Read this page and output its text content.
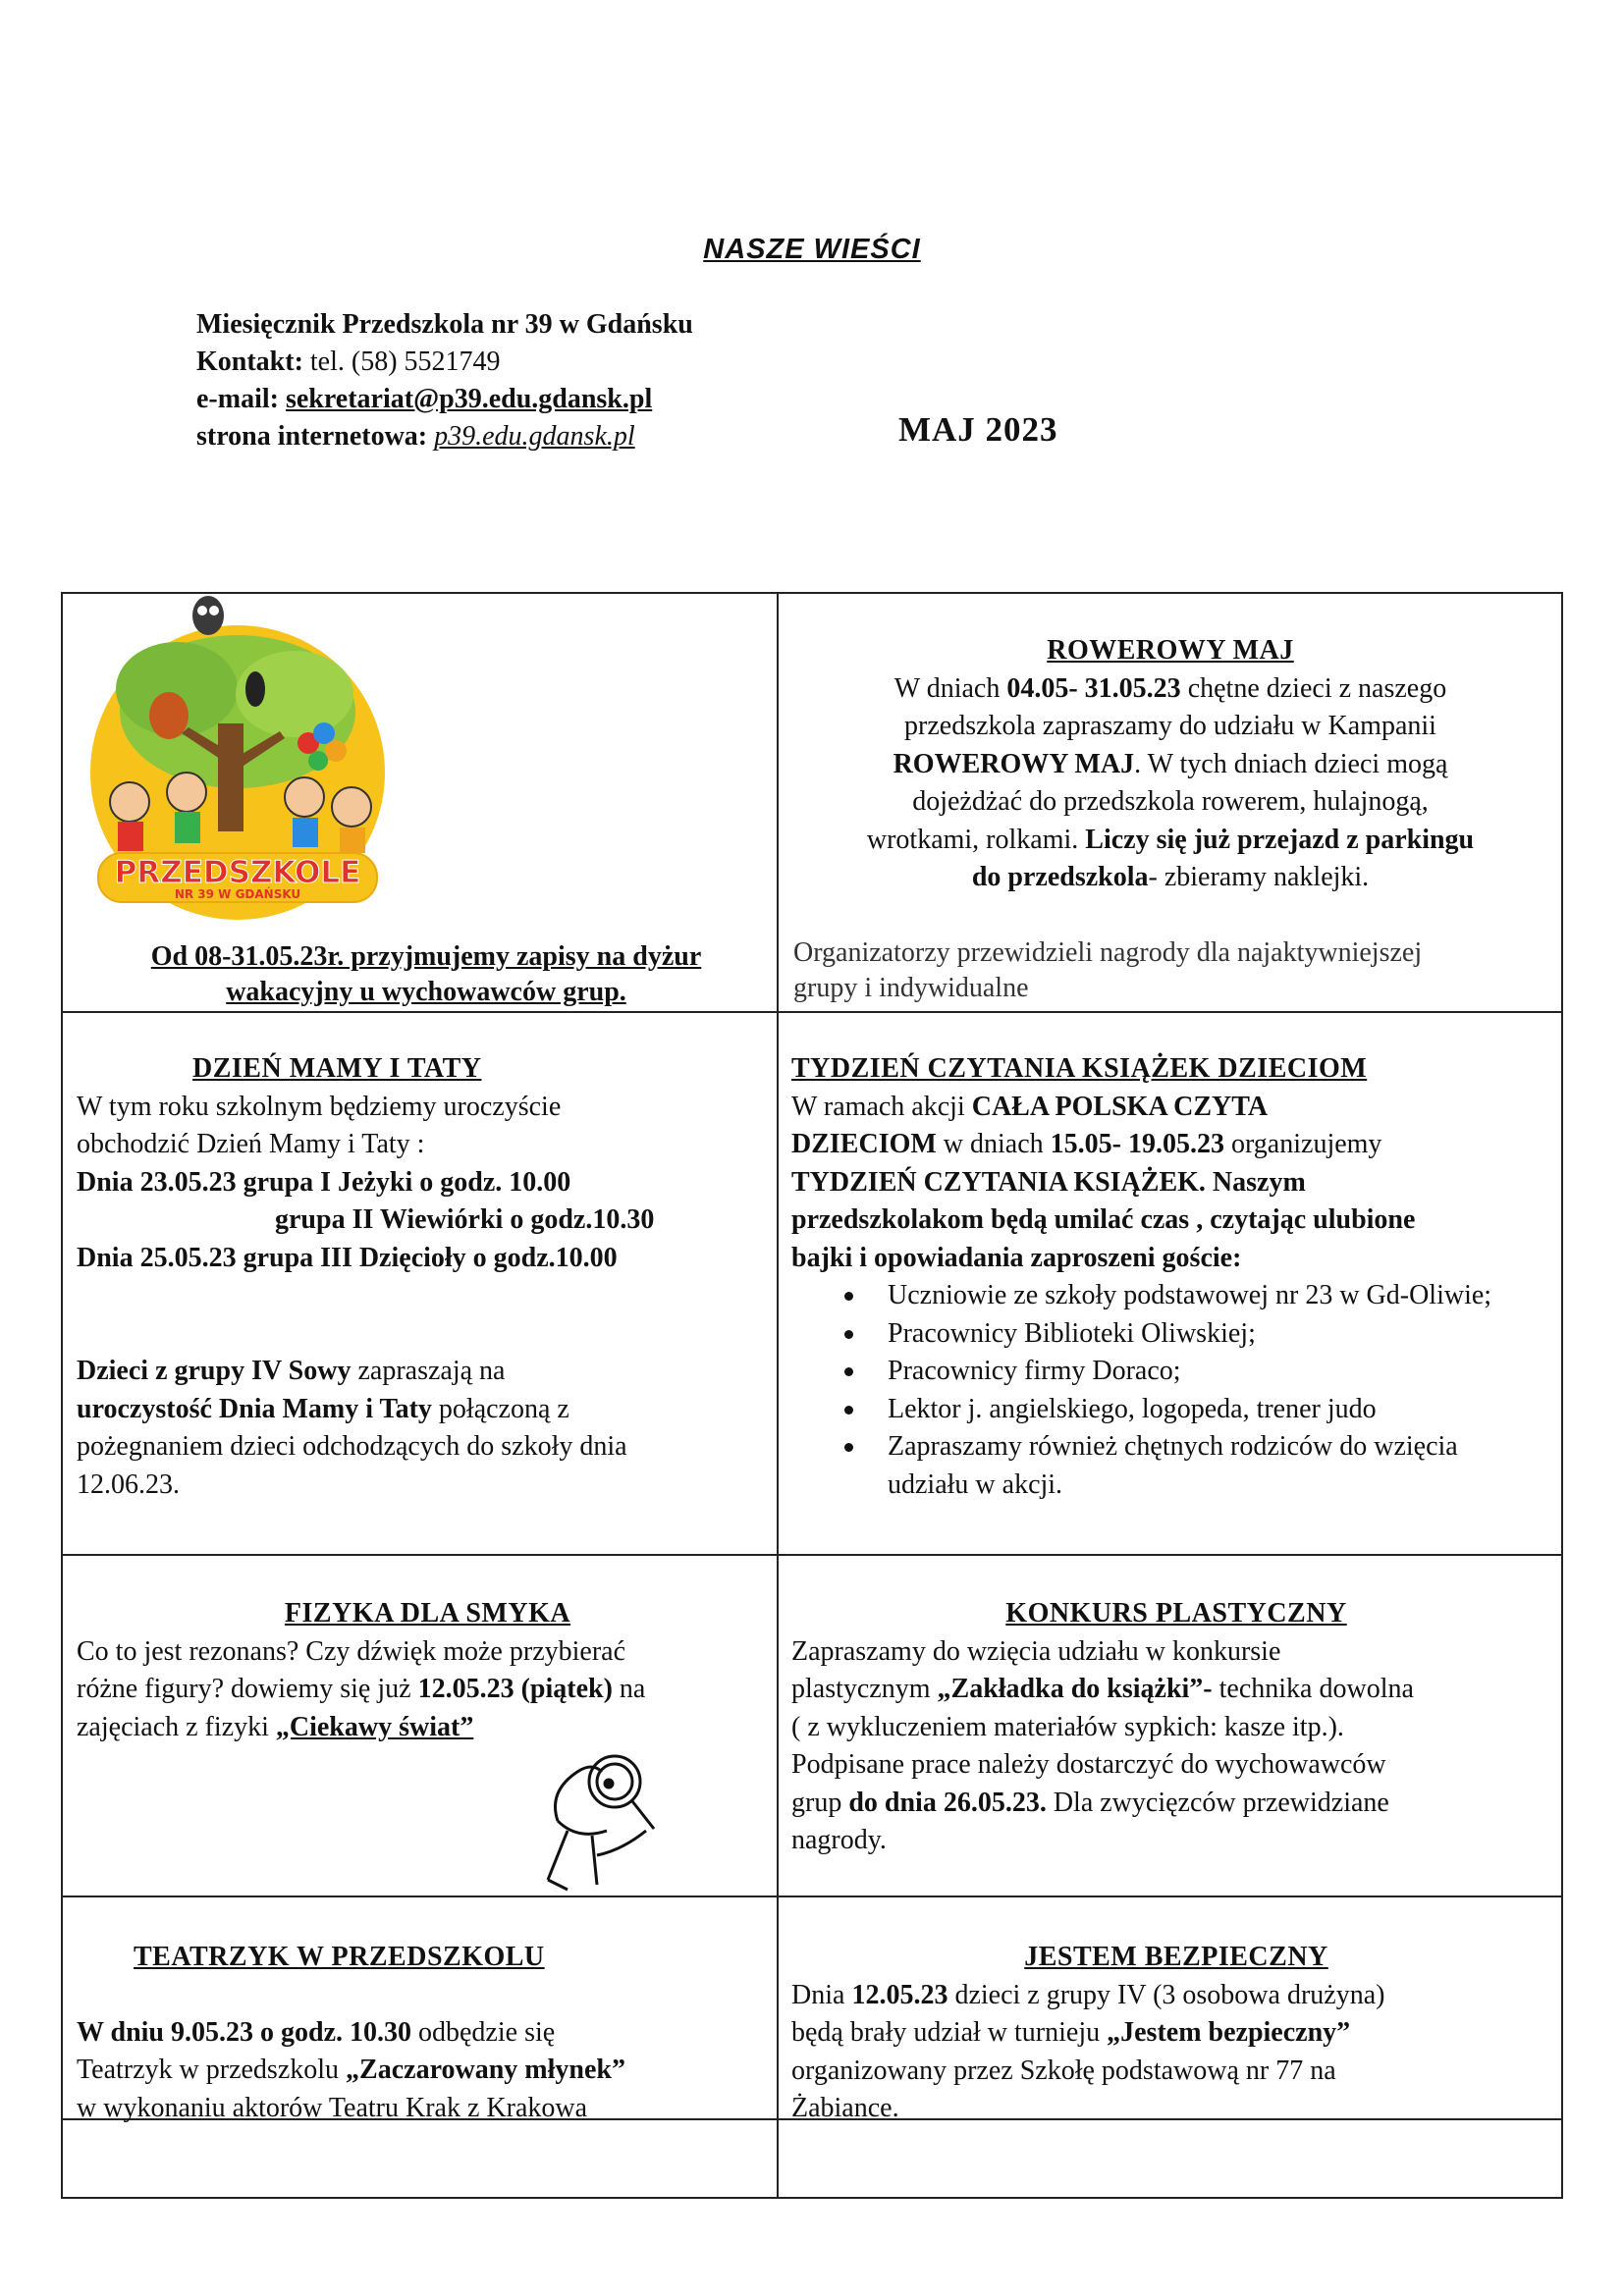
NASZE WIEŚCI
Miesięcznik Przedszkola nr 39 w Gdańsku
Kontakt: tel. (58) 5521749
e-mail: sekretariat@p39.edu.gdansk.pl
strona internetowa: p39.edu.gdansk.pl	MAJ 2023
PRZEDSZKOLE
NR 39 W GDAŃSKU
Od 08-31.05.23r. przyjmujemy zapisy na dyżur
wakacyjny u wychowawców grup.
ROWEROWY MAJ
W dniach 04.05- 31.05.23 chętne dzieci z naszego
przedszkola zapraszamy do udziału w Kampanii
ROWEROWY MAJ. W tych dniach dzieci mogą
dojeżdżać do przedszkola rowerem, hulajnogą,
wrotkami, rolkami. Liczy się już przejazd z parkingu
do przedszkola- zbieramy naklejki.
Organizatorzy przewidzieli nagrody dla najaktywniejszej
grupy i indywidualne
DZIEŃ MAMY I TATY
W tym roku szkolnym będziemy uroczyście
obchodzić Dzień Mamy i Taty :
Dnia 23.05.23 grupa I Jeżyki o godz. 10.00
grupa II Wiewiórki o godz.10.30
Dnia 25.05.23 grupa III Dzięcioły o godz.10.00
Dzieci z grupy IV Sowy zapraszają na
uroczystość Dnia Mamy i Taty połączoną z
pożegnaniem dzieci odchodzących do szkoły dnia
12.06.23.
TYDZIEŃ CZYTANIA KSIĄŻEK DZIECIOM
W ramach akcji CAŁA POLSKA CZYTA
DZIECIOM w dniach 15.05- 19.05.23 organizujemy
TYDZIEŃ CZYTANIA KSIĄŻEK. Naszym
przedszkolakom będą umilać czas , czytając ulubione
bajki i opowiadania zaproszeni goście:
Uczniowie ze szkoły podstawowej nr 23 w Gd-Oliwie;
Pracownicy Biblioteki Oliwskiej;
Pracownicy firmy Doraco;
Lektor j. angielskiego, logopeda, trener judo
Zapraszamy również chętnych rodziców do wzięcia udziału w akcji.
FIZYKA DLA SMYKA
Co to jest rezonans? Czy dźwięk może przybierać
różne figury? dowiemy się już 12.05.23 (piątek) na
zajęciach z fizyki „Ciekawy świat”
KONKURS PLASTYCZNY
Zapraszamy do wzięcia udziału w konkursie
plastycznym „Zakładka do książki”- technika dowolna
( z wykluczeniem materiałów sypkich: kasze itp.).
Podpisane prace należy dostarczyć do wychowawców
grup do dnia 26.05.23. Dla zwycięzców przewidziane
nagrody.
TEATRZYK W PRZEDSZKOLU
W dniu 9.05.23 o godz. 10.30 odbędzie się
Teatrzyk w przedszkolu „Zaczarowany młynek”
w wykonaniu aktorów Teatru Krak z Krakowa
JESTEM BEZPIECZNY
Dnia 12.05.23 dzieci z grupy IV (3 osobowa drużyna)
będą brały udział w turnieju „Jestem bezpieczny”
organizowany przez Szkołę podstawową nr 77 na
Żabiance.
